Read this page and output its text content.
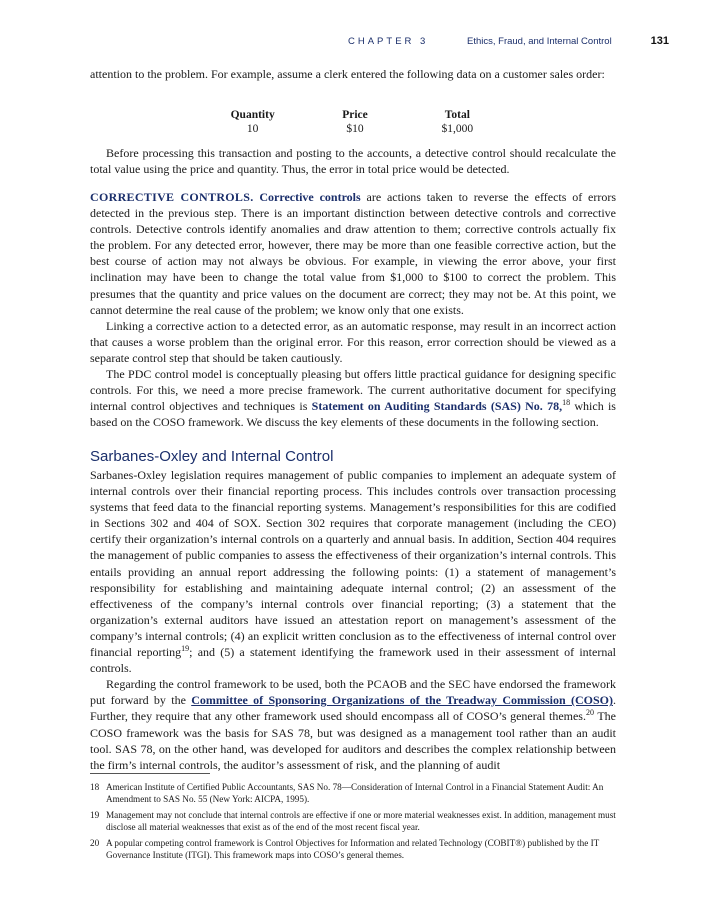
CHAPTER 3	Ethics, Fraud, and Internal Control	131

attention to the problem. For example, assume a clerk entered the following data on a customer sales order:

Quantity	Price	Total
10	$10	$1,000

Before processing this transaction and posting to the accounts, a detective control should recalculate the total value using the price and quantity. Thus, the error in total price would be detected.

CORRECTIVE CONTROLS. Corrective controls are actions taken to reverse the effects of errors detected in the previous step. There is an important distinction between detective controls and corrective controls. Detective controls identify anomalies and draw attention to them; corrective controls actually fix the problem. For any detected error, however, there may be more than one feasible corrective action, but the best course of action may not always be obvious. For example, in viewing the error above, your first inclination may have been to change the total value from $1,000 to $100 to correct the problem. This presumes that the quantity and price values on the document are correct; they may not be. At this point, we cannot determine the real cause of the problem; we know only that one exists.

Linking a corrective action to a detected error, as an automatic response, may result in an incorrect action that causes a worse problem than the original error. For this reason, error correction should be viewed as a separate control step that should be taken cautiously.

The PDC control model is conceptually pleasing but offers little practical guidance for designing specific controls. For this, we need a more precise framework. The current authoritative document for specifying internal control objectives and techniques is Statement on Auditing Standards (SAS) No. 78,18 which is based on the COSO framework. We discuss the key elements of these documents in the following section.

Sarbanes-Oxley and Internal Control

Sarbanes-Oxley legislation requires management of public companies to implement an adequate system of internal controls over their financial reporting process. This includes controls over transaction processing systems that feed data to the financial reporting systems. Management’s responsibilities for this are codified in Sections 302 and 404 of SOX. Section 302 requires that corporate management (including the CEO) certify their organization’s internal controls on a quarterly and annual basis. In addition, Section 404 requires the management of public companies to assess the effectiveness of their organization’s internal controls. This entails providing an annual report addressing the following points: (1) a statement of management’s responsibility for establishing and maintaining adequate internal control; (2) an assessment of the effectiveness of the company’s internal controls over financial reporting; (3) a statement that the organization’s external auditors have issued an attestation report on management’s assessment of the company’s internal controls; (4) an explicit written conclusion as to the effectiveness of internal control over financial reporting$^{19}$; and (5) a statement identifying the framework used in their assessment of internal controls.

Regarding the control framework to be used, both the PCAOB and the SEC have endorsed the framework put forward by the Committee of Sponsoring Organizations of the Treadway Commission (COSO). Further, they require that any other framework used should encompass all of COSO’s general themes.$^{20}$ The COSO framework was the basis for SAS 78, but was designed as a management tool rather than an audit tool. SAS 78, on the other hand, was developed for auditors and describes the complex relationship between the firm’s internal controls, the auditor’s assessment of risk, and the planning of audit

18 American Institute of Certified Public Accountants, SAS No. 78—Consideration of Internal Control in a Financial Statement Audit: An Amendment to SAS No. 55 (New York: AICPA, 1995).
19 Management may not conclude that internal controls are effective if one or more material weaknesses exist. In addition, management must disclose all material weaknesses that exist as of the end of the most recent fiscal year.
20 A popular competing control framework is Control Objectives for Information and related Technology (COBIT®) published by the IT Governance Institute (ITGI). This framework maps into COSO’s general themes.
